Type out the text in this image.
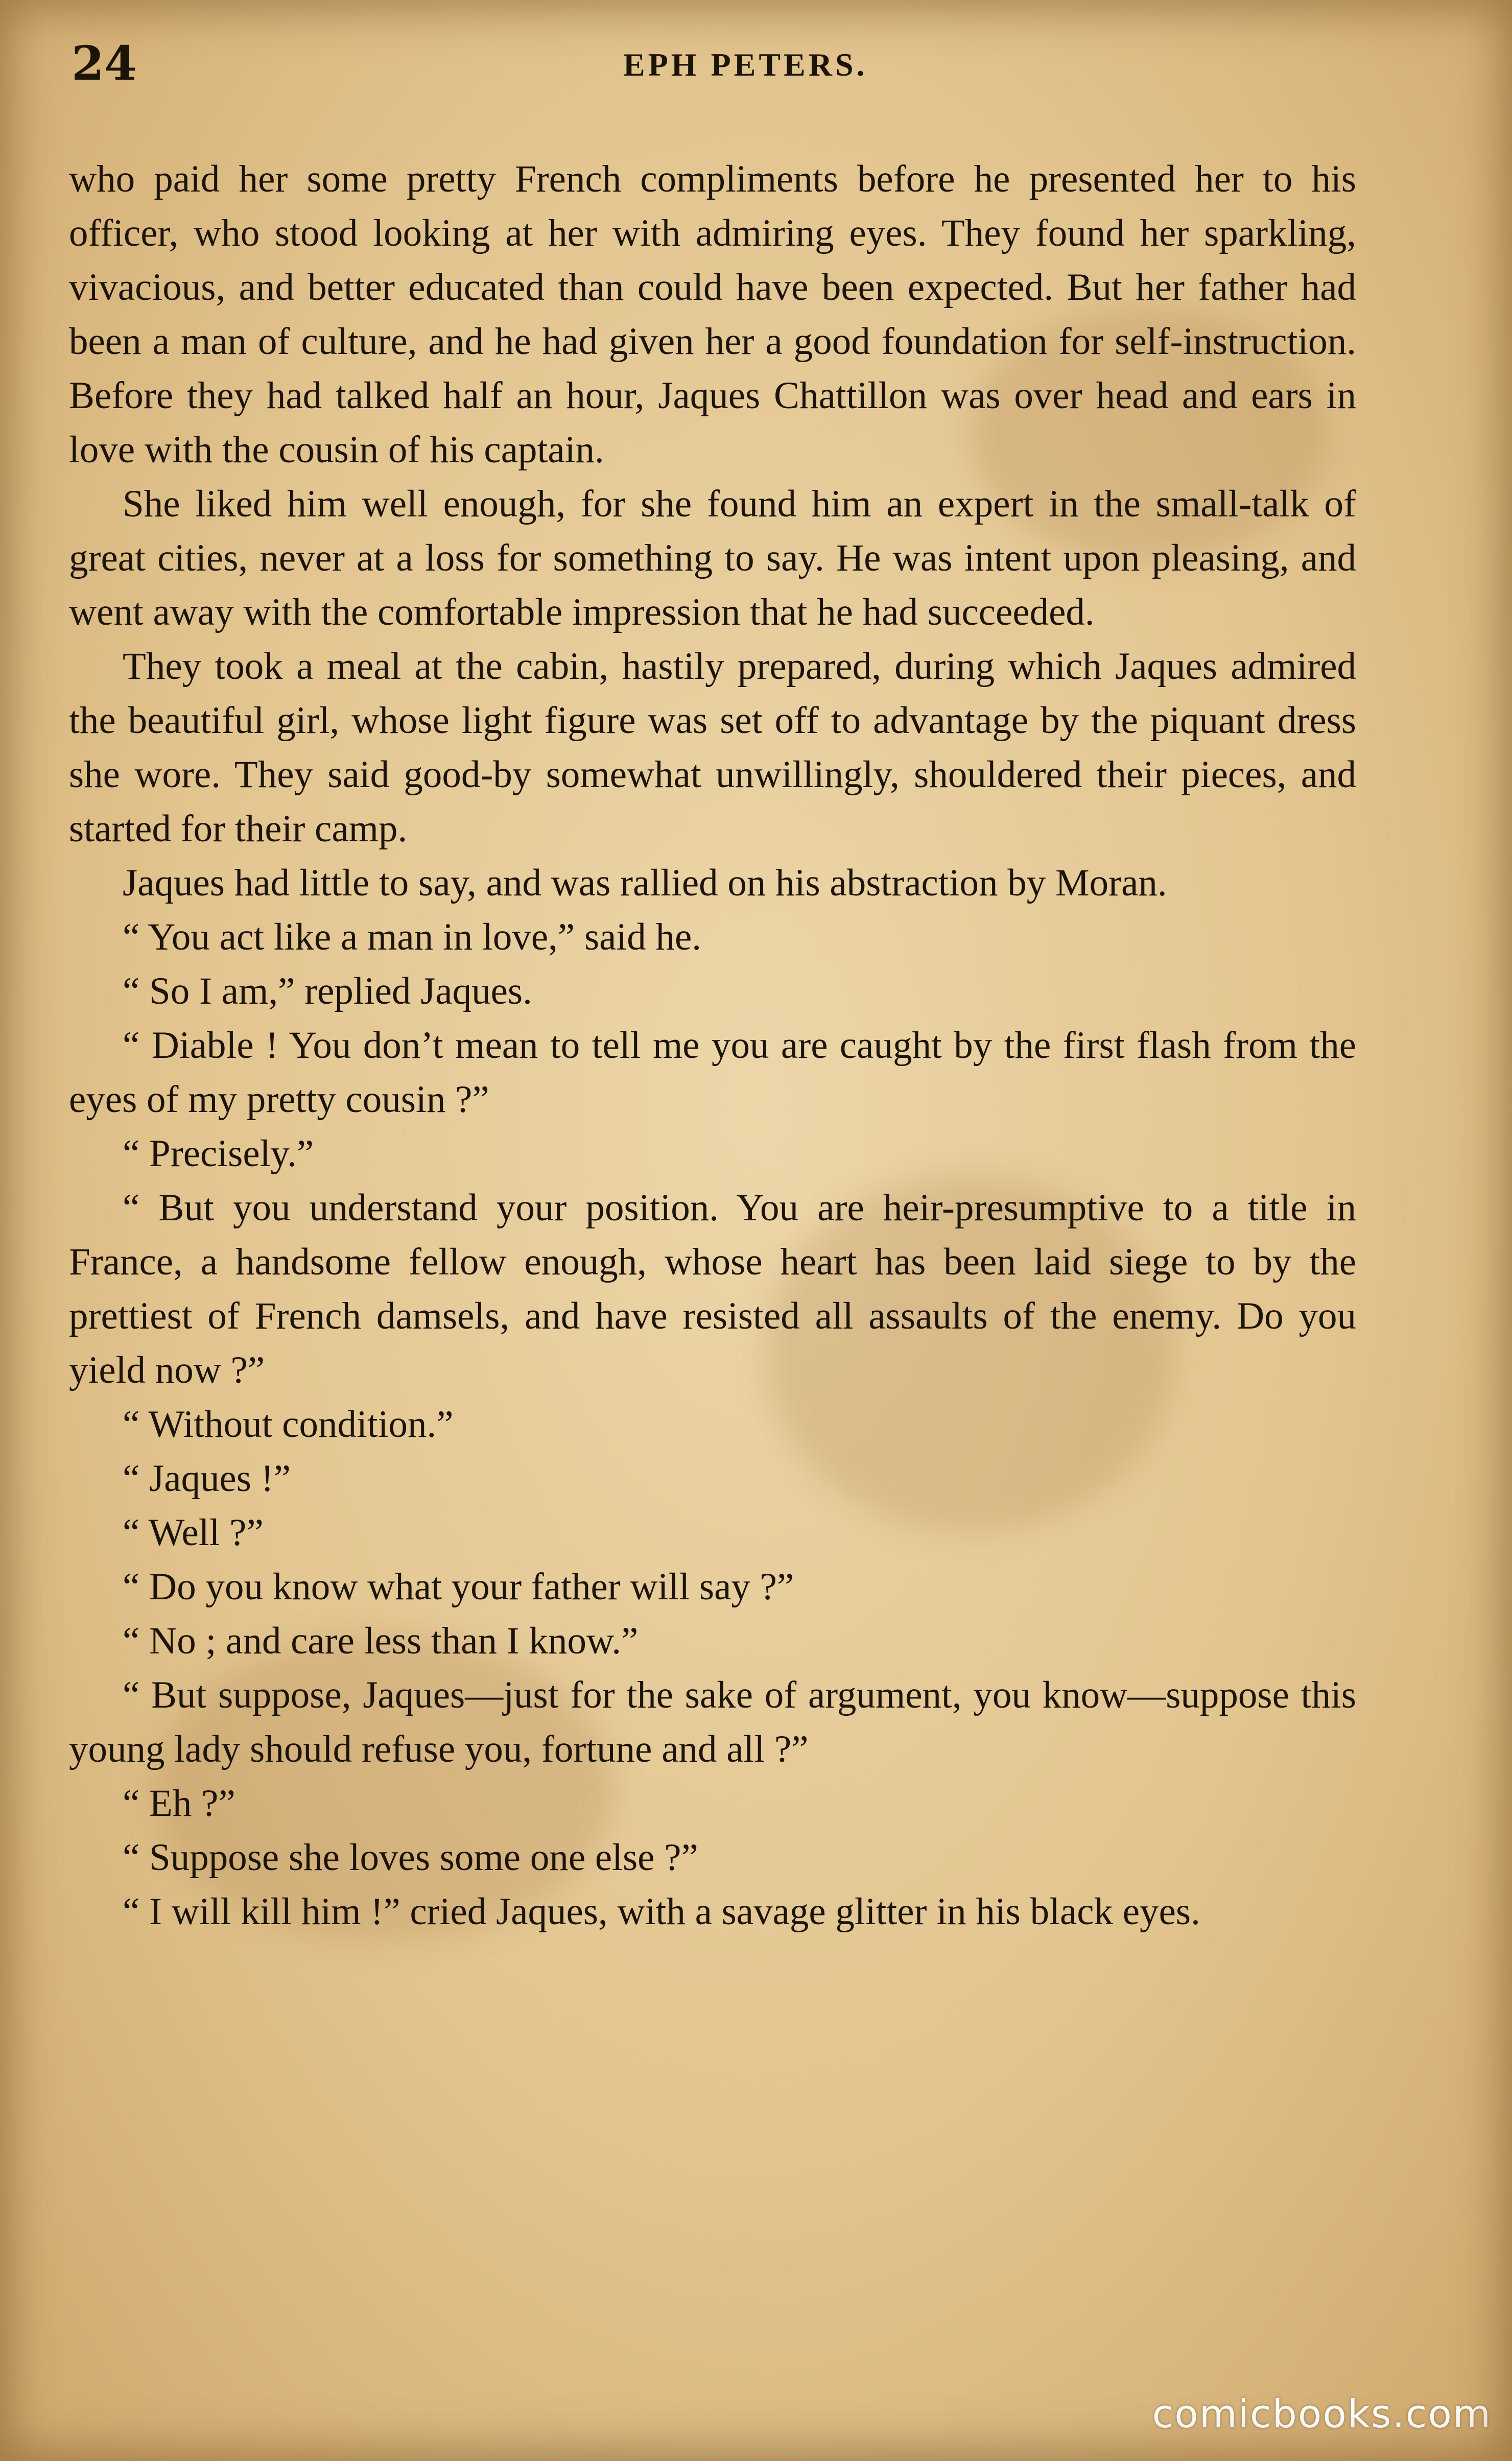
24	EPH PETERS.

who paid her some pretty French compliments before he presented her to his officer, who stood looking at her with admiring eyes. They found her sparkling, vivacious, and better educated than could have been expected. But her father had been a man of culture, and he had given her a good foundation for self-instruction. Before they had talked half an hour, Jaques Chattillon was over head and ears in love with the cousin of his captain.

She liked him well enough, for she found him an expert in the small-talk of great cities, never at a loss for something to say. He was intent upon pleasing, and went away with the comfortable impression that he had succeeded.

They took a meal at the cabin, hastily prepared, during which Jaques admired the beautiful girl, whose light figure was set off to advantage by the piquant dress she wore. They said good-by somewhat unwillingly, shouldered their pieces, and started for their camp.

Jaques had little to say, and was rallied on his abstraction by Moran.

“ You act like a man in love,” said he.

“ So I am,” replied Jaques.

“ Diable ! You don’t mean to tell me you are caught by the first flash from the eyes of my pretty cousin ?”

“ Precisely.”

“ But you understand your position. You are heir-presumptive to a title in France, a handsome fellow enough, whose heart has been laid siege to by the prettiest of French damsels, and have resisted all assaults of the enemy. Do you yield now ?”

“ Without condition.”

“ Jaques !”

“ Well ?”

“ Do you know what your father will say ?”

“ No ; and care less than I know.”

“ But suppose, Jaques—just for the sake of argument, you know—suppose this young lady should refuse you, fortune and all ?”

“ Eh ?”

“ Suppose she loves some one else ?”

“ I will kill him !” cried Jaques, with a savage glitter in his black eyes.

comicbooks.com
